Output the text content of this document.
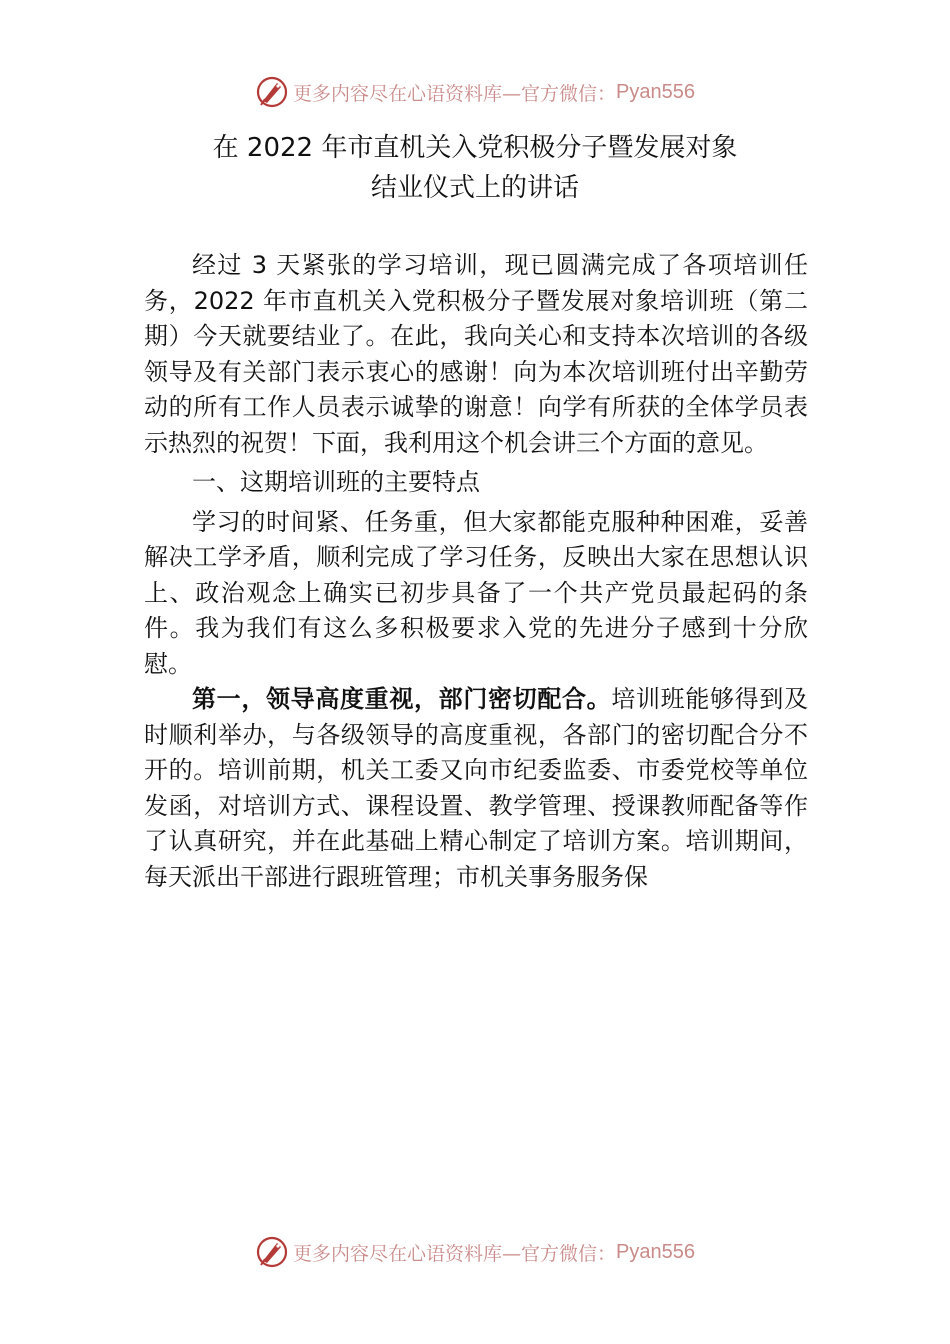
更多内容尽在心语资料库—官方微信： Pyan556
在 2022 年市直机关入党积极分子暨发展对象
结业仪式上的讲话

经过 3 天紧张的学习培训，现已圆满完成了各项培训任务，2022 年市直机关入党积极分子暨发展对象培训班（第二期）今天就要结业了。在此，我向关心和支持本次培训的各级领导及有关部门表示衷心的感谢！向为本次培训班付出辛勤劳动的所有工作人员表示诚挚的谢意！向学有所获的全体学员表示热烈的祝贺！下面，我利用这个机会讲三个方面的意见。

一、这期培训班的主要特点

学习的时间紧、任务重，但大家都能克服种种困难，妥善解决工学矛盾，顺利完成了学习任务，反映出大家在思想认识上、政治观念上确实已初步具备了一个共产党员最起码的条件。我为我们有这么多积极要求入党的先进分子感到十分欣慰。

第一，领导高度重视，部门密切配合。培训班能够得到及时顺利举办，与各级领导的高度重视，各部门的密切配合分不开的。培训前期，机关工委又向市纪委监委、市委党校等单位发函，对培训方式、课程设置、教学管理、授课教师配备等作了认真研究，并在此基础上精心制定了培训方案。培训期间，每天派出干部进行跟班管理；市机关事务服务保

更多内容尽在心语资料库—官方微信： Pyan556
